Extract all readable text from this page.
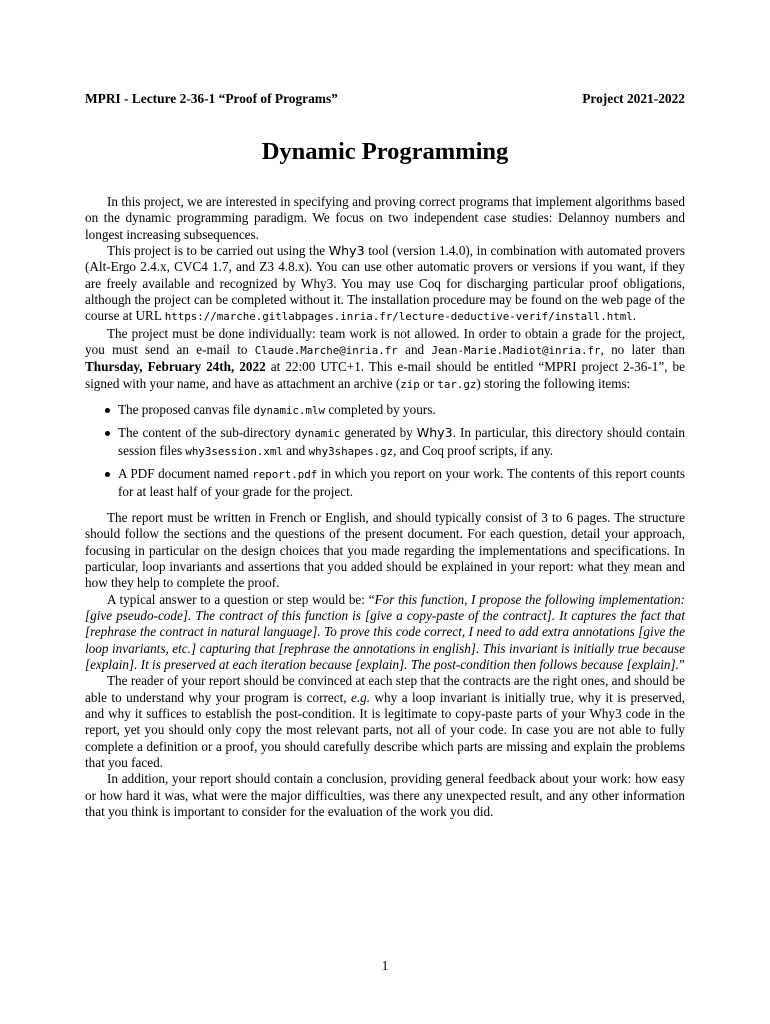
MPRI - Lecture 2-36-1 “Proof of Programs”	Project 2021-2022
Dynamic Programming

In this project, we are interested in specifying and proving correct programs that implement algorithms based on the dynamic programming paradigm. We focus on two independent case studies: Delannoy numbers and longest increasing subsequences.

This project is to be carried out using the Why3 tool (version 1.4.0), in combination with automated provers (Alt-Ergo 2.4.x, CVC4 1.7, and Z3 4.8.x). You can use other automatic provers or versions if you want, if they are freely available and recognized by Why3. You may use Coq for discharging particular proof obligations, although the project can be completed without it. The installation procedure may be found on the web page of the course at URL https://marche.gitlabpages.inria.fr/lecture-deductive-verif/install.html.

The project must be done individually: team work is not allowed. In order to obtain a grade for the project, you must send an e-mail to Claude.Marche@inria.fr and Jean-Marie.Madiot@inria.fr, no later than Thursday, February 24th, 2022 at 22:00 UTC+1. This e-mail should be entitled “MPRI project 2-36-1”, be signed with your name, and have as attachment an archive (zip or tar.gz) storing the following items:

The proposed canvas file dynamic.mlw completed by yours.
The content of the sub-directory dynamic generated by Why3. In particular, this directory should contain session files why3session.xml and why3shapes.gz, and Coq proof scripts, if any.
A PDF document named report.pdf in which you report on your work. The contents of this report counts for at least half of your grade for the project.

The report must be written in French or English, and should typically consist of 3 to 6 pages. The structure should follow the sections and the questions of the present document. For each question, detail your approach, focusing in particular on the design choices that you made regarding the implementations and specifications. In particular, loop invariants and assertions that you added should be explained in your report: what they mean and how they help to complete the proof.

A typical answer to a question or step would be: “For this function, I propose the following implementation: [give pseudo-code]. The contract of this function is [give a copy-paste of the contract]. It captures the fact that [rephrase the contract in natural language]. To prove this code correct, I need to add extra annotations [give the loop invariants, etc.] capturing that [rephrase the annotations in english]. This invariant is initially true because [explain]. It is preserved at each iteration because [explain]. The post-condition then follows because [explain].”

The reader of your report should be convinced at each step that the contracts are the right ones, and should be able to understand why your program is correct, e.g. why a loop invariant is initially true, why it is preserved, and why it suffices to establish the post-condition. It is legitimate to copy-paste parts of your Why3 code in the report, yet you should only copy the most relevant parts, not all of your code. In case you are not able to fully complete a definition or a proof, you should carefully describe which parts are missing and explain the problems that you faced.

In addition, your report should contain a conclusion, providing general feedback about your work: how easy or how hard it was, what were the major difficulties, was there any unexpected result, and any other information that you think is important to consider for the evaluation of the work you did.

1
